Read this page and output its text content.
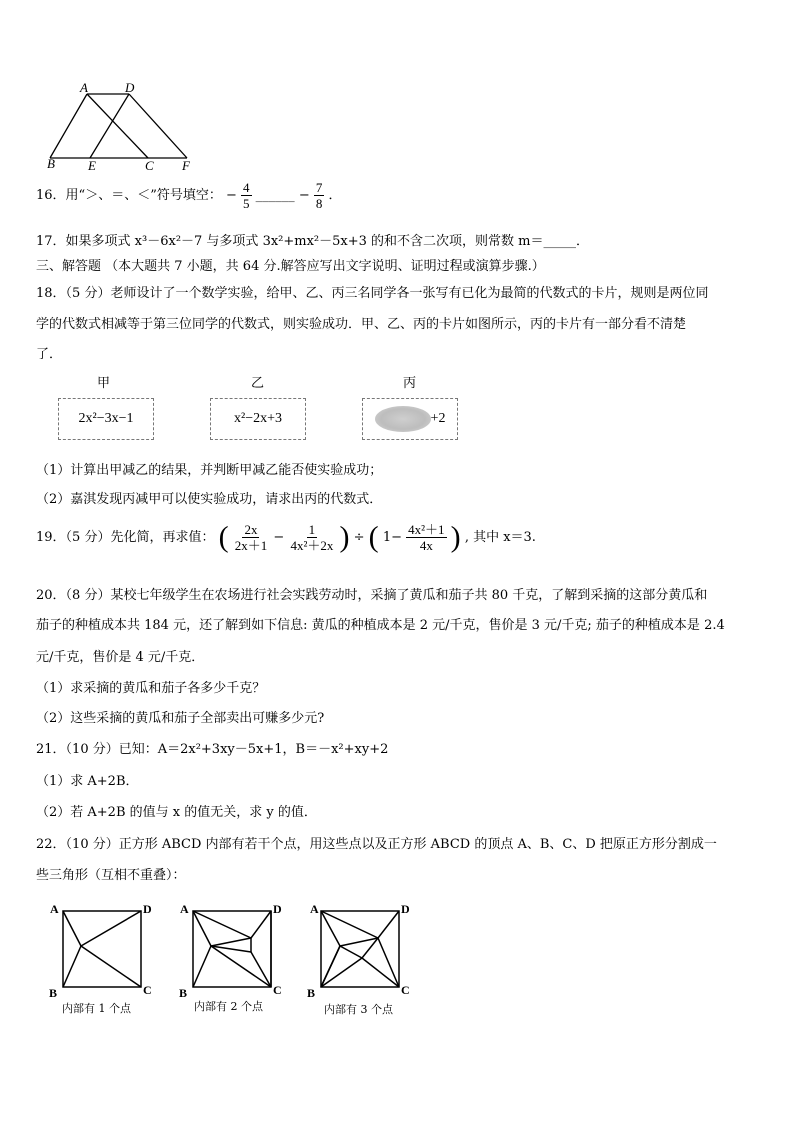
A	D
B	E	C F
16．用“＞、＝、＜”符号填空： − $\frac{4}{5}$ ______ − $\frac{7}{8}$ ．
17．如果多项式 x³－6x²－7 与多项式 3x²+mx²－5x+3 的和不含二次项，则常数 m＝_____．
三、解答题 （本大题共 7 小题，共 64 分.解答应写出文字说明、证明过程或演算步骤.）
18．（5 分）老师设计了一个数学实验，给甲、乙、丙三名同学各一张写有已化为最简的代数式的卡片，规则是两位同
学的代数式相减等于第三位同学的代数式，则实验成功．甲、乙、丙的卡片如图所示，丙的卡片有一部分看不清楚
了．
甲	乙	丙
2x²−3x−1	x²−2x+3	+2
（1）计算出甲减乙的结果，并判断甲减乙能否使实验成功；
（2）嘉淇发现丙减甲可以使实验成功，请求出丙的代数式．
19．（5 分）先化简，再求值： ( $\frac{2x}{2x+1} - \frac{1}{\text{4x²＋2x}}$ ) ÷ ( $1- \frac{\text{4x²＋1}}{4x}$ ) , 其中 x＝3.
20．（8 分）某校七年级学生在农场进行社会实践劳动时，采摘了黄瓜和茄子共 80 千克，了解到采摘的这部分黄瓜和
茄子的种植成本共 184 元，还了解到如下信息: 黄瓜的种植成本是 2 元/千克，售价是 3 元/千克; 茄子的种植成本是 2.4
元/千克，售价是 4 元/千克．
（1）求采摘的黄瓜和茄子各多少千克？
（2）这些采摘的黄瓜和茄子全部卖出可赚多少元?
21．（10 分）已知：A＝2x²+3xy－5x+1，B＝－x²+xy+2
（1）求 A+2B．
（2）若 A+2B 的值与 x 的值无关，求 y 的值．
22．（10 分）正方形 ABCD 内部有若干个点，用这些点以及正方形 ABCD 的顶点 A、B、C、D 把原正方形分割成一
些三角形（互相不重叠）：
A	D
B	C
内部有 1 个点
A	D
B	C
内部有 2 个点
A	D
B	C
内部有 3 个点
